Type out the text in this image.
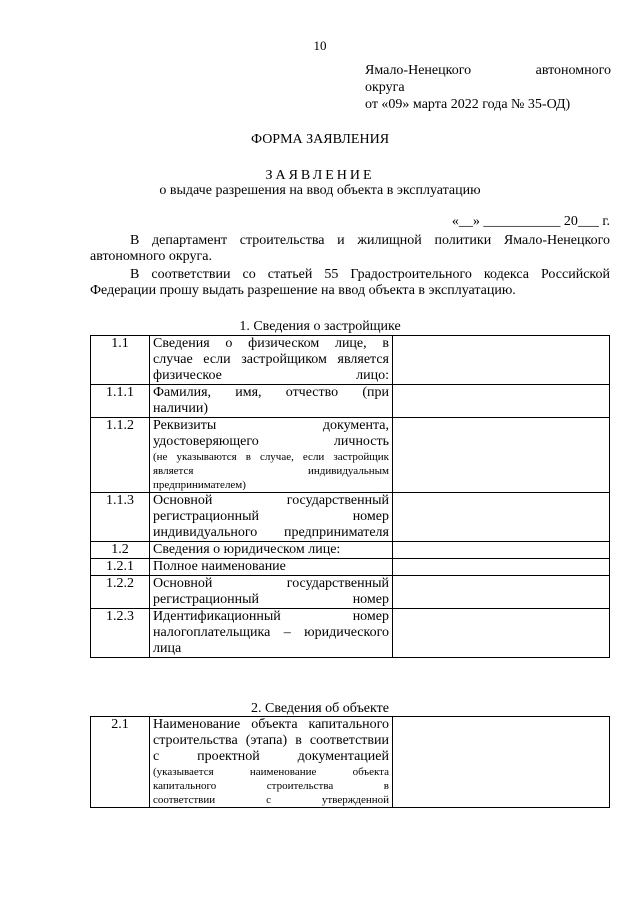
10
Ямало-Ненецкого	автономного
округа
от «09» марта 2022 года № 35-ОД)
ФОРМА ЗАЯВЛЕНИЯ
ЗАЯВЛЕНИЕ
о выдаче разрешения на ввод объекта в эксплуатацию
«__» ___________ 20___ г.
В департамент строительства и жилищной политики Ямало-Ненецкого
автономного округа.
В соответствии со статьей 55 Градостроительного кодекса Российской
Федерации прошу выдать разрешение на ввод объекта в эксплуатацию.
1. Сведения о застройщике
1.1	Сведения о физическом лице, в
случае если застройщиком является
физическое лицо:	

1.1.1	Фамилия, имя, отчество (при
наличии)	

1.1.2	Реквизиты документа,
удостоверяющего личность
(не указываются в случае, если застройщик
является индивидуальным
предпринимателем)	

1.1.3	Основной государственный
регистрационный номер
индивидуального предпринимателя	

1.2	Сведения о юридическом лице:	

1.2.1	Полное наименование	

1.2.2	Основной государственный
регистрационный номер	

1.2.3	Идентификационный номер
налогоплательщика – юридического
лица	

2. Сведения об объекте
2.1	Наименование объекта капитального
строительства (этапа) в соответствии
с проектной документацией
(указывается наименование объекта
капитального строительства в
соответствии с утвержденной
